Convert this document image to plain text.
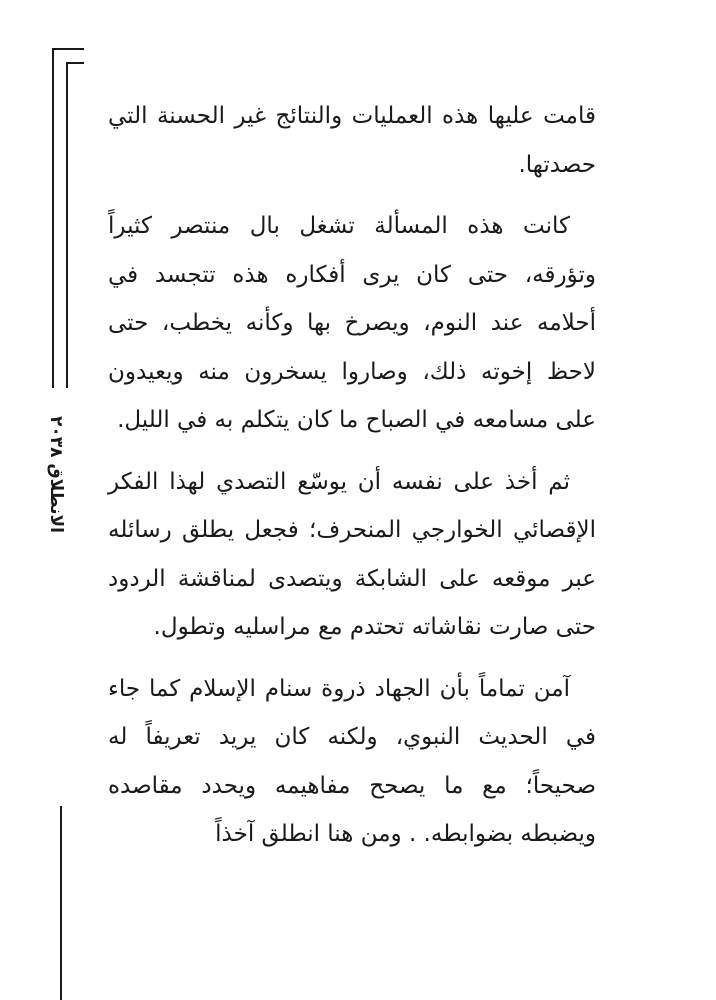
الانطلاق ٢٠٣٨

قامت عليها هذه العمليات والنتائج غير الحسنة التي حصدتها.

كانت هذه المسألة تشغل بال منتصر كثيراً وتؤرقه، حتى كان يرى أفكاره هذه تتجسد في أحلامه عند النوم، ويصرخ بها وكأنه يخطب، حتى لاحظ إخوته ذلك، وصاروا يسخرون منه ويعيدون على مسامعه في الصباح ما كان يتكلم به في الليل.

ثم أخذ على نفسه أن يوسّع التصدي لهذا الفكر الإقصائي الخوارجي المنحرف؛ فجعل يطلق رسائله عبر موقعه على الشابكة ويتصدى لمناقشة الردود حتى صارت نقاشاته تحتدم مع مراسليه وتطول.

آمن تماماً بأن الجهاد ذروة سنام الإسلام كما جاء في الحديث النبوي، ولكنه كان يريد تعريفاً له صحيحاً؛ مع ما يصحح مفاهيمه ويحدد مقاصده ويضبطه بضوابطه. . ومن هنا انطلق آخذاً
